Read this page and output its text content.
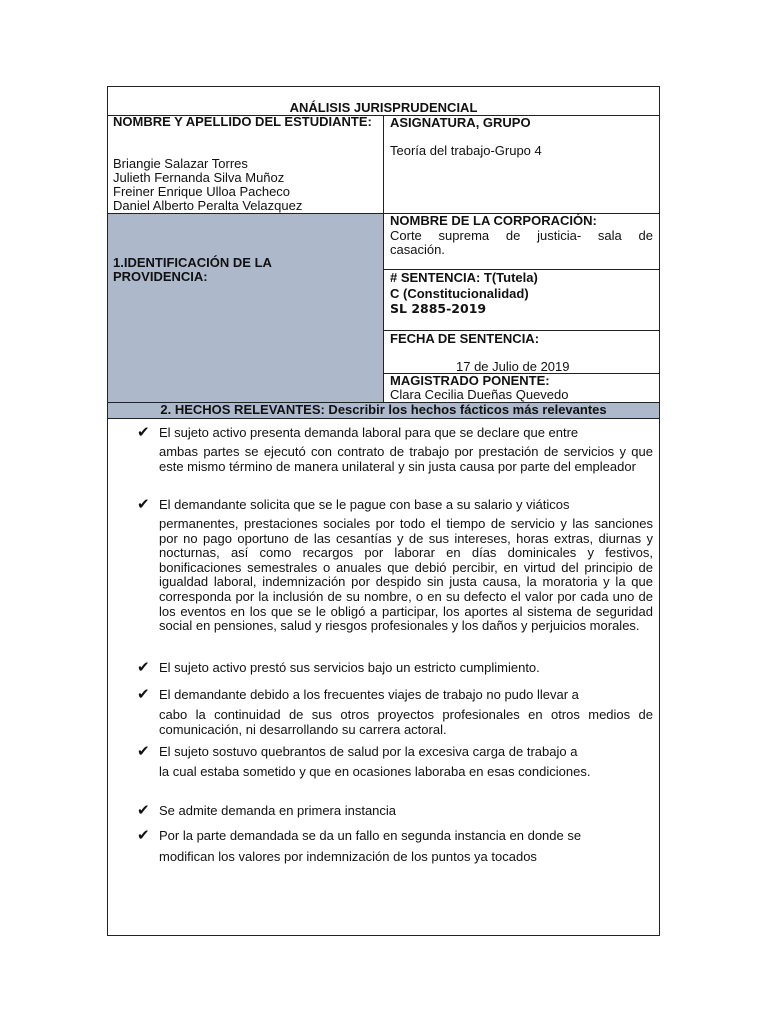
ANÁLISIS JURISPRUDENCIAL
NOMBRE Y APELLIDO DEL ESTUDIANTE:
Briangie Salazar Torres
Julieth Fernanda Silva Muñoz
Freiner Enrique Ulloa Pacheco
Daniel Alberto Peralta Velazquez
ASIGNATURA, GRUPO
Teoría del trabajo-Grupo 4
1.IDENTIFICACIÓN DE LA
PROVIDENCIA:
NOMBRE DE LA CORPORACIÓN:
Corte suprema de justicia- sala de
casación.
# SENTENCIA: T(Tutela)
C (Constitucionalidad)
SL 2885-2019
FECHA DE SENTENCIA:
17 de Julio de 2019
MAGISTRADO PONENTE:
Clara Cecilia Dueñas Quevedo
2. HECHOS RELEVANTES: Describir los hechos fácticos más relevantes
✔ El sujeto activo presenta demanda laboral para que se declare que entre
ambas partes se ejecutó con contrato de trabajo por prestación de servicios y que este mismo término de manera unilateral y sin justa causa por parte del empleador
✔ El demandante solicita que se le pague con base a su salario y viáticos
permanentes, prestaciones sociales por todo el tiempo de servicio y las sanciones por no pago oportuno de las cesantías y de sus intereses, horas extras, diurnas y nocturnas, así como recargos por laborar en días dominicales y festivos, bonificaciones semestrales o anuales que debió percibir, en virtud del principio de igualdad laboral, indemnización por despido sin justa causa, la moratoria y la que corresponda por la inclusión de su nombre, o en su defecto el valor por cada uno de los eventos en los que se le obligó a participar, los aportes al sistema de seguridad social en pensiones, salud y riesgos profesionales y los daños y perjuicios morales.
✔ El sujeto activo prestó sus servicios bajo un estricto cumplimiento.
✔ El demandante debido a los frecuentes viajes de trabajo no pudo llevar a
cabo la continuidad de sus otros proyectos profesionales en otros medios de comunicación, ni desarrollando su carrera actoral.
✔ El sujeto sostuvo quebrantos de salud por la excesiva carga de trabajo a
la cual estaba sometido y que en ocasiones laboraba en esas condiciones.
✔ Se admite demanda en primera instancia
✔ Por la parte demandada se da un fallo en segunda instancia en donde se
modifican los valores por indemnización de los puntos ya tocados
